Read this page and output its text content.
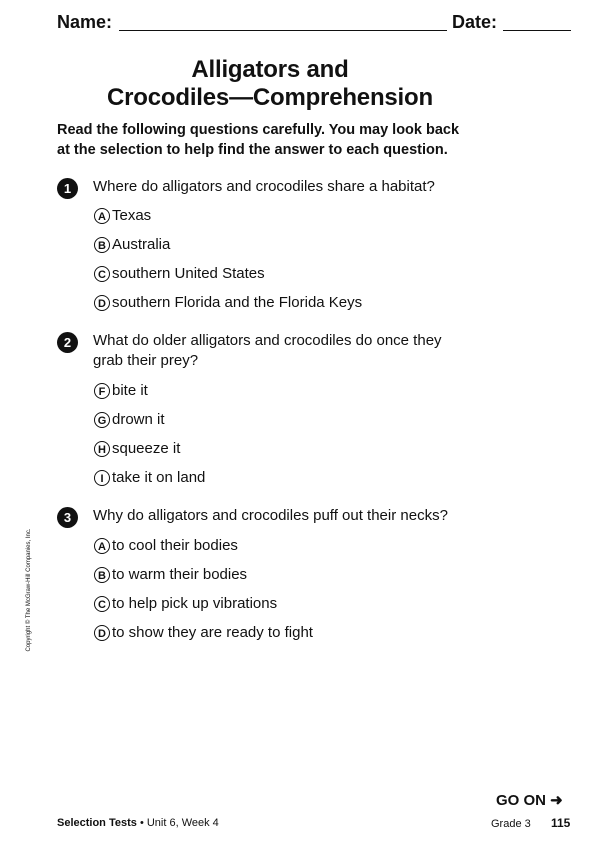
Name:	Date:
Alligators and
Crocodiles—Comprehension
Read the following questions carefully. You may look back
at the selection to help find the answer to each question.
1	Where do alligators and crocodiles share a habitat?
A Texas
B Australia
C southern United States
D southern Florida and the Florida Keys
2	What do older alligators and crocodiles do once they
grab their prey?
F bite it
G drown it
H squeeze it
I take it on land
3	Why do alligators and crocodiles puff out their necks?
A to cool their bodies
B to warm their bodies
C to help pick up vibrations
D to show they are ready to fight
Copyright © The McGraw-Hill Companies, Inc.
GO ON ➜
Selection Tests • Unit 6, Week 4	Grade 3 115
